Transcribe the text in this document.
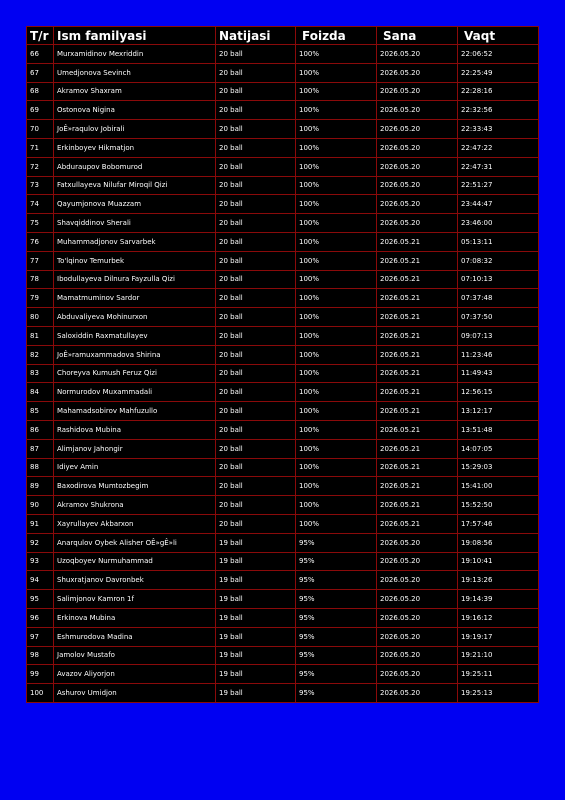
T/r	Ism familyasi	Natijasi	Foizda	Sana	Vaqt
66	Murxamidinov Mexriddin	20 ball	100%	2026.05.20	22:06:52
67	Umedjonova Sevinch	20 ball	100%	2026.05.20	22:25:49
68	Akramov Shaxram	20 ball	100%	2026.05.20	22:28:16
69	Ostonova Nigina	20 ball	100%	2026.05.20	22:32:56
70	JoÊ»raqulov Jobirali	20 ball	100%	2026.05.20	22:33:43
71	Erkinboyev Hikmatjon	20 ball	100%	2026.05.20	22:47:22
72	Abduraupov Bobomurod	20 ball	100%	2026.05.20	22:47:31
73	Fatxullayeva Nilufar Miroqil Qizi	20 ball	100%	2026.05.20	22:51:27
74	Qayumjonova Muazzam	20 ball	100%	2026.05.20	23:44:47
75	Shavqiddinov Sherali	20 ball	100%	2026.05.20	23:46:00
76	Muhammadjonov Sarvarbek	20 ball	100%	2026.05.21	05:13:11
77	To'lqinov Temurbek	20 ball	100%	2026.05.21	07:08:32
78	Ibodullayeva Dilnura Fayzulla Qizi	20 ball	100%	2026.05.21	07:10:13
79	Mamatmuminov Sardor	20 ball	100%	2026.05.21	07:37:48
80	Abduvaliyeva Mohinurxon	20 ball	100%	2026.05.21	07:37:50
81	Saloxiddin Raxmatullayev	20 ball	100%	2026.05.21	09:07:13
82	JoÊ»ramuxammadova Shirina	20 ball	100%	2026.05.21	11:23:46
83	Choreyva Kumush Feruz Qizi	20 ball	100%	2026.05.21	11:49:43
84	Normurodov Muxammadali	20 ball	100%	2026.05.21	12:56:15
85	Mahamadsobirov Mahfuzullo	20 ball	100%	2026.05.21	13:12:17
86	Rashidova Mubina	20 ball	100%	2026.05.21	13:51:48
87	Alimjanov Jahongir	20 ball	100%	2026.05.21	14:07:05
88	Idiyev Amin	20 ball	100%	2026.05.21	15:29:03
89	Baxodirova Mumtozbegim	20 ball	100%	2026.05.21	15:41:00
90	Akramov Shukrona	20 ball	100%	2026.05.21	15:52:50
91	Xayrullayev Akbarxon	20 ball	100%	2026.05.21	17:57:46
92	Anarqulov Oybek Alisher OÊ»gÊ»li	19 ball	95%	2026.05.20	19:08:56
93	Uzoqboyev Nurmuhammad	19 ball	95%	2026.05.20	19:10:41
94	Shuxratjanov Davronbek	19 ball	95%	2026.05.20	19:13:26
95	Salimjonov Kamron 1f	19 ball	95%	2026.05.20	19:14:39
96	Erkinova Mubina	19 ball	95%	2026.05.20	19:16:12
97	Eshmurodova Madina	19 ball	95%	2026.05.20	19:19:17
98	Jamolov Mustafo	19 ball	95%	2026.05.20	19:21:10
99	Avazov Aliyorjon	19 ball	95%	2026.05.20	19:25:11
100	Ashurov Umidjon	19 ball	95%	2026.05.20	19:25:13
